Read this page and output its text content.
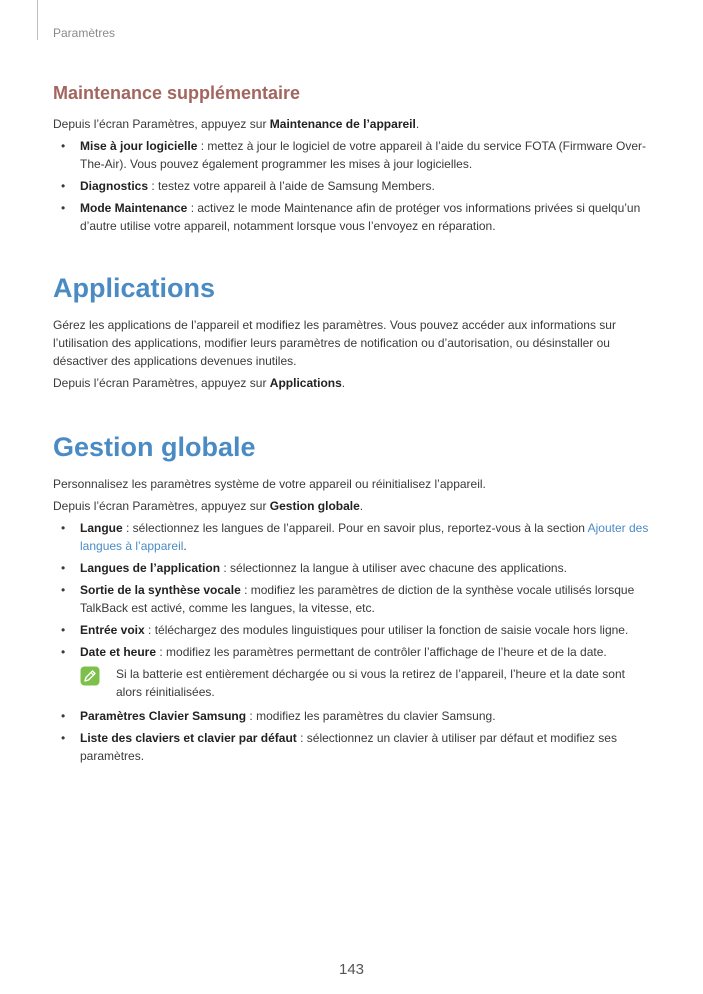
Paramètres
Maintenance supplémentaire

Depuis l’écran Paramètres, appuyez sur Maintenance de l’appareil.

• Mise à jour logicielle : mettez à jour le logiciel de votre appareil à l’aide du service FOTA (Firmware Over-The-Air). Vous pouvez également programmer les mises à jour logicielles.
• Diagnostics : testez votre appareil à l’aide de Samsung Members.
• Mode Maintenance : activez le mode Maintenance afin de protéger vos informations privées si quelqu’un d’autre utilise votre appareil, notamment lorsque vous l’envoyez en réparation.
Applications

Gérez les applications de l’appareil et modifiez les paramètres. Vous pouvez accéder aux informations sur l’utilisation des applications, modifier leurs paramètres de notification ou d’autorisation, ou désinstaller ou désactiver des applications devenues inutiles.

Depuis l’écran Paramètres, appuyez sur Applications.

Gestion globale

Personnalisez les paramètres système de votre appareil ou réinitialisez l’appareil.

Depuis l’écran Paramètres, appuyez sur Gestion globale.

• Langue : sélectionnez les langues de l’appareil. Pour en savoir plus, reportez-vous à la section Ajouter des langues à l’appareil.
• Langues de l’application : sélectionnez la langue à utiliser avec chacune des applications.
• Sortie de la synthèse vocale : modifiez les paramètres de diction de la synthèse vocale utilisés lorsque TalkBack est activé, comme les langues, la vitesse, etc.
• Entrée voix : téléchargez des modules linguistiques pour utiliser la fonction de saisie vocale hors ligne.
• Date et heure : modifiez les paramètres permettant de contrôler l’affichage de l’heure et de la date.
Si la batterie est entièrement déchargée ou si vous la retirez de l’appareil, l’heure et la date sont alors réinitialisées.
• Paramètres Clavier Samsung : modifiez les paramètres du clavier Samsung.
• Liste des claviers et clavier par défaut : sélectionnez un clavier à utiliser par défaut et modifiez ses paramètres.
143
